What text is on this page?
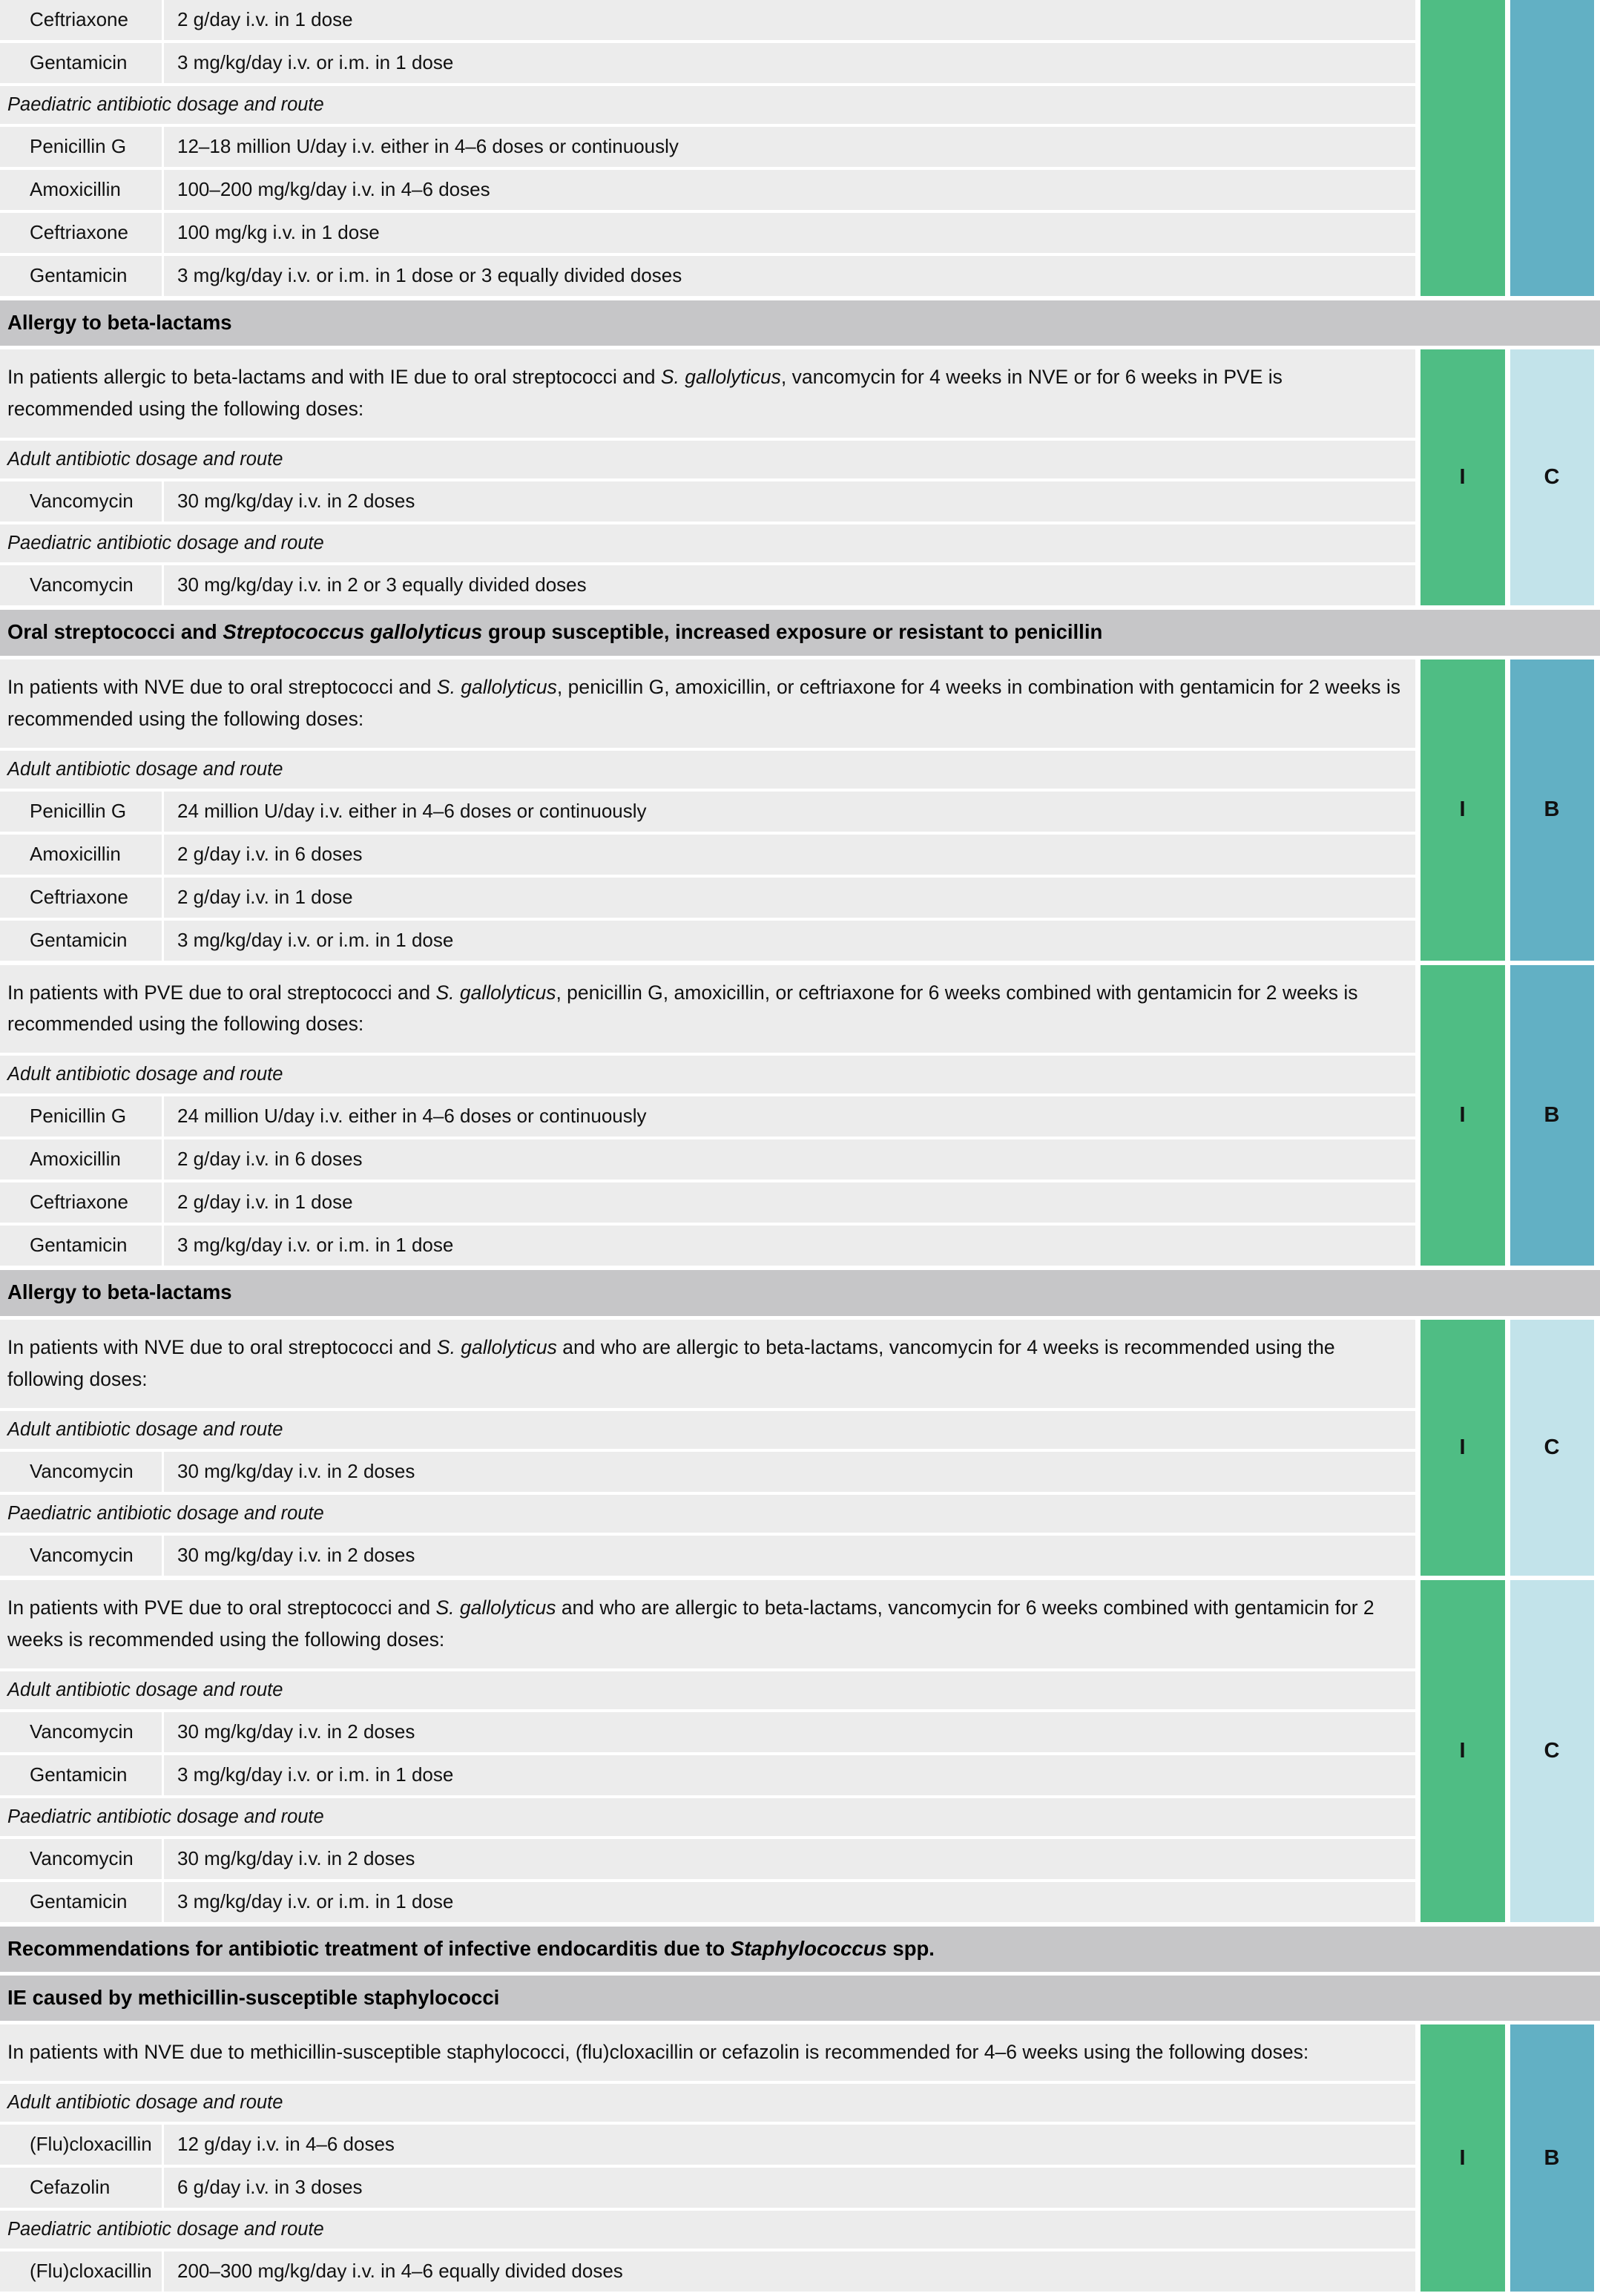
Ceftriaxone	2 g/day i.v. in 1 dose
Gentamicin	3 mg/kg/day i.v. or i.m. in 1 dose
Paediatric antibiotic dosage and route
Penicillin G	12–18 million U/day i.v. either in 4–6 doses or continuously
Amoxicillin	100–200 mg/kg/day i.v. in 4–6 doses
Ceftriaxone	100 mg/kg i.v. in 1 dose
Gentamicin	3 mg/kg/day i.v. or i.m. in 1 dose or 3 equally divided doses
Allergy to beta-lactams
In patients allergic to beta-lactams and with IE due to oral streptococci and S. gallolyticus, vancomycin for 4 weeks in NVE or for 6 weeks in PVE is recommended using the following doses:
Adult antibiotic dosage and route
Vancomycin	30 mg/kg/day i.v. in 2 doses
Paediatric antibiotic dosage and route
Vancomycin	30 mg/kg/day i.v. in 2 or 3 equally divided doses
I	C
Oral streptococci and Streptococcus gallolyticus group susceptible, increased exposure or resistant to penicillin
In patients with NVE due to oral streptococci and S. gallolyticus, penicillin G, amoxicillin, or ceftriaxone for 4 weeks in combination with gentamicin for 2 weeks is recommended using the following doses:
Adult antibiotic dosage and route
Penicillin G	24 million U/day i.v. either in 4–6 doses or continuously
Amoxicillin	2 g/day i.v. in 6 doses
Ceftriaxone	2 g/day i.v. in 1 dose
Gentamicin	3 mg/kg/day i.v. or i.m. in 1 dose
I	B
In patients with PVE due to oral streptococci and S. gallolyticus, penicillin G, amoxicillin, or ceftriaxone for 6 weeks combined with gentamicin for 2 weeks is recommended using the following doses:
Adult antibiotic dosage and route
Penicillin G	24 million U/day i.v. either in 4–6 doses or continuously
Amoxicillin	2 g/day i.v. in 6 doses
Ceftriaxone	2 g/day i.v. in 1 dose
Gentamicin	3 mg/kg/day i.v. or i.m. in 1 dose
I	B
Allergy to beta-lactams
In patients with NVE due to oral streptococci and S. gallolyticus and who are allergic to beta-lactams, vancomycin for 4 weeks is recommended using the following doses:
Adult antibiotic dosage and route
Vancomycin	30 mg/kg/day i.v. in 2 doses
Paediatric antibiotic dosage and route
Vancomycin	30 mg/kg/day i.v. in 2 doses
I	C
In patients with PVE due to oral streptococci and S. gallolyticus and who are allergic to beta-lactams, vancomycin for 6 weeks combined with gentamicin for 2 weeks is recommended using the following doses:
Adult antibiotic dosage and route
Vancomycin	30 mg/kg/day i.v. in 2 doses
Gentamicin	3 mg/kg/day i.v. or i.m. in 1 dose
Paediatric antibiotic dosage and route
Vancomycin	30 mg/kg/day i.v. in 2 doses
Gentamicin	3 mg/kg/day i.v. or i.m. in 1 dose
I	C
Recommendations for antibiotic treatment of infective endocarditis due to Staphylococcus spp.
IE caused by methicillin-susceptible staphylococci
In patients with NVE due to methicillin-susceptible staphylococci, (flu)cloxacillin or cefazolin is recommended for 4–6 weeks using the following doses:
Adult antibiotic dosage and route
(Flu)cloxacillin	12 g/day i.v. in 4–6 doses
Cefazolin	6 g/day i.v. in 3 doses
Paediatric antibiotic dosage and route
(Flu)cloxacillin	200–300 mg/kg/day i.v. in 4–6 equally divided doses
I	B
